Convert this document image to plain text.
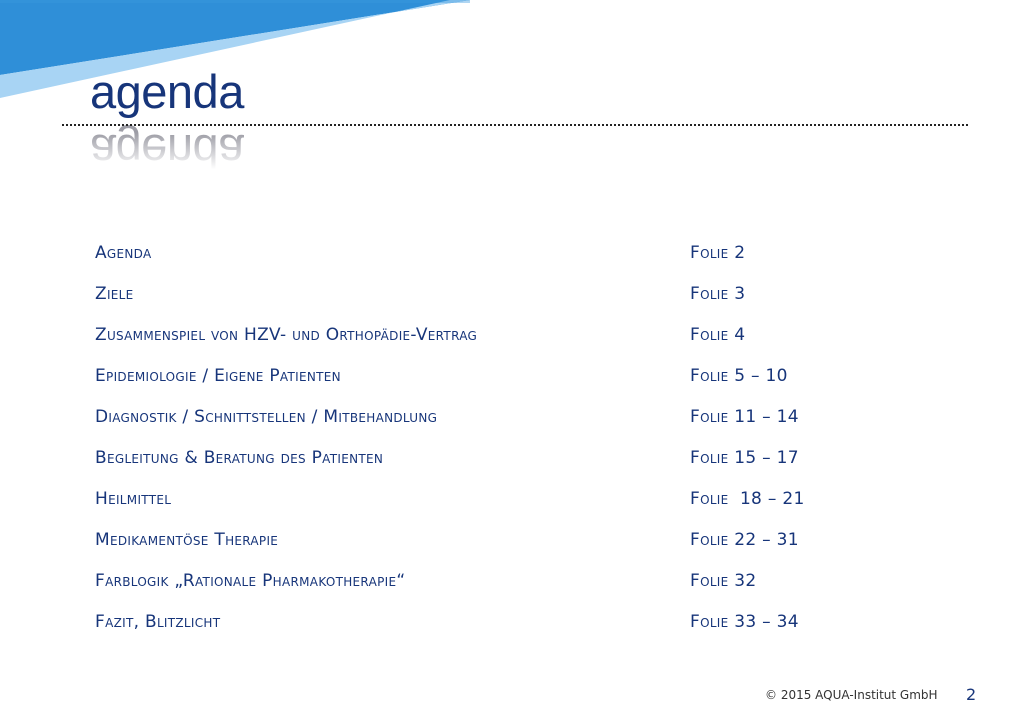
agenda
agenda
Agenda	Folie 2
Ziele	Folie 3
Zusammenspiel von HZV- und Orthopädie-Vertrag	Folie 4
Epidemiologie / Eigene Patienten	Folie 5 – 10
Diagnostik / Schnittstellen / Mitbehandlung	Folie 11 – 14
Begleitung & Beratung des Patienten	Folie 15 – 17
Heilmittel	Folie  18 – 21
Medikamentöse Therapie	Folie 22 – 31
Farblogik „Rationale Pharmakotherapie“	Folie 32
Fazit, Blitzlicht	Folie 33 – 34
© 2015 AQUA-Institut GmbH 2
